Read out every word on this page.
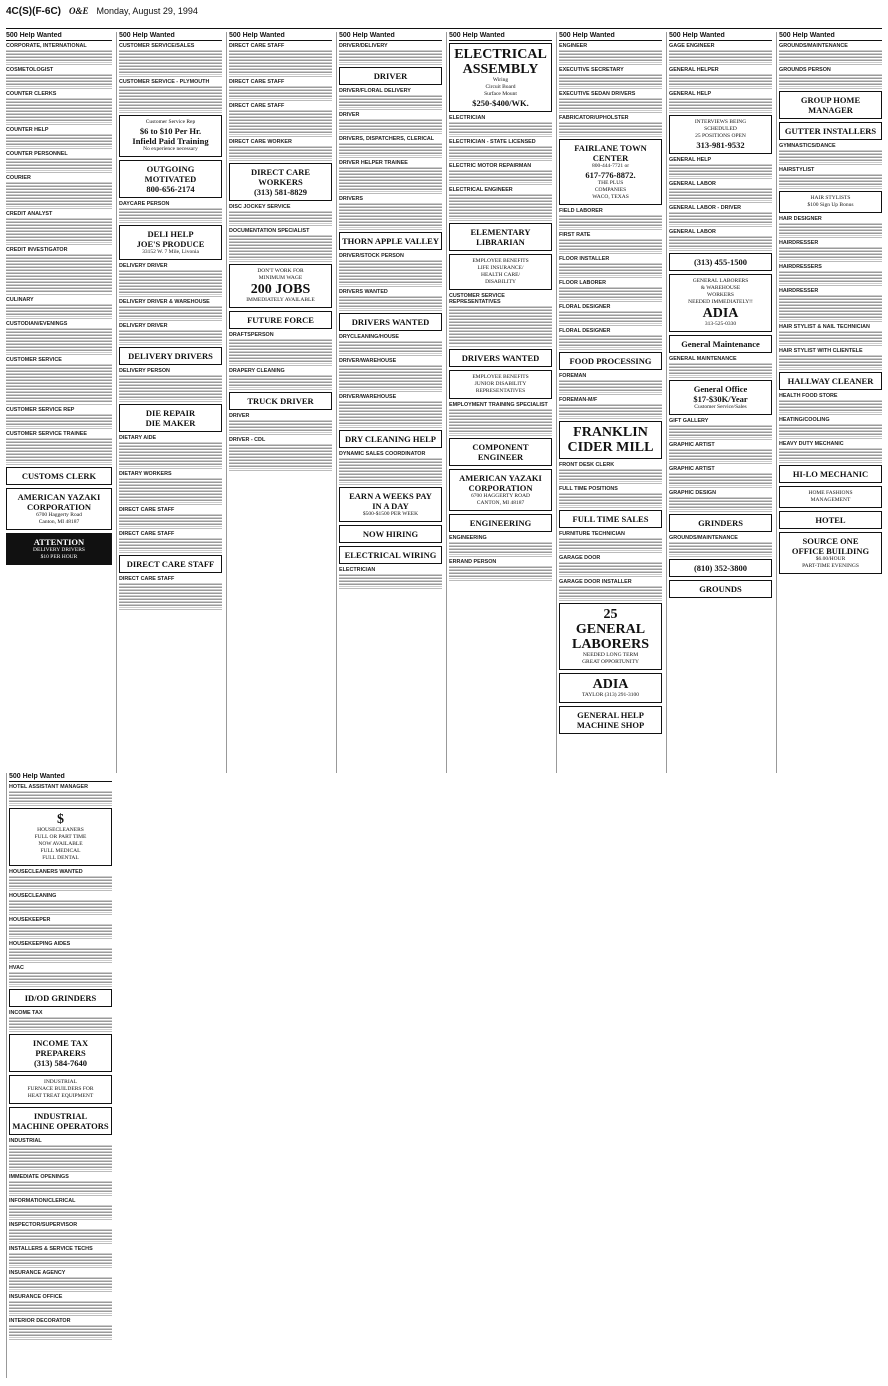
4C(S)(F-6C) O&E Monday, August 29, 1994
500 Help Wanted
CORPORATE, INTERNATIONAL
COSMETOLOGIST
COUNTER CLERKS
COUNTER HELP
COUNTER PERSONNEL
COURIER
CREDIT ANALYST
CREDIT INVESTIGATOR
CULINARY
CUSTODIAN/EVENINGS
CUSTOMER SERVICE
CUSTOMER SERVICE REP
CUSTOMER SERVICE TRAINEE
CUSTOMS CLERK
AMERICAN YAZAKI
CORPORATION
6700 Haggerty Road
Canton, MI 48187
ATTENTION
DELIVERY DRIVERS
$10 PER HOUR
500 Help Wanted
CUSTOMER SERVICE/SALES
CUSTOMER SERVICE - PLYMOUTH
Customer Service Rep
$6 to $10 Per Hr.
Infield Paid Training
No experience necessary
OUTGOING
MOTIVATED
800-656-2174
DAYCARE PERSON
DELI HELP
JOE'S PRODUCE
33152 W. 7 Mile, Livonia
DELIVERY DRIVER
DELIVERY DRIVER & WAREHOUSE
DELIVERY DRIVER
DELIVERY DRIVERS
DELIVERY PERSON
DIE REPAIR
DIE MAKER
DIETARY AIDE
DIETARY WORKERS
DIRECT CARE STAFF
DIRECT CARE STAFF
DIRECT CARE STAFF
DIRECT CARE STAFF
500 Help Wanted
DIRECT CARE STAFF
DIRECT CARE STAFF
DIRECT CARE STAFF
DIRECT CARE WORKER
DIRECT CARE
WORKERS
(313) 581-8829
DISC JOCKEY SERVICE
DOCUMENTATION SPECIALIST
DON'T WORK FOR
MINIMUM WAGE
200 JOBS
IMMEDIATELY AVAILABLE
FUTURE FORCE
DRAFTSPERSON
DRAPERY CLEANING
TRUCK DRIVER
DRIVER
DRIVER - CDL
500 Help Wanted
DRIVER/DELIVERY
DRIVER
DRIVER/FLORAL DELIVERY
DRIVER
DRIVERS, DISPATCHERS, CLERICAL
DRIVER HELPER TRAINEE
DRIVERS
THORN APPLE VALLEY
DRIVER/STOCK PERSON
DRIVERS WANTED
DRIVERS WANTED
DRYCLEANING/HOUSE
DRIVER/WAREHOUSE
DRIVER/WAREHOUSE
DRY CLEANING HELP
DYNAMIC SALES COORDINATOR
EARN A WEEKS PAY
IN A DAY
$500-$1500 PER WEEK
NOW HIRING
ELECTRICAL WIRING
ELECTRICIAN
500 Help Wanted
ELECTRICAL
ASSEMBLY
Wiring
Circuit Board
Surface Mount
$250-$400/WK.
ELECTRICIAN
ELECTRICIAN - STATE LICENSED
ELECTRIC MOTOR REPAIRMAN
ELECTRICAL ENGINEER
ELEMENTARY
LIBRARIAN
EMPLOYEE BENEFITS
LIFE INSURANCE/
HEALTH CARE/
DISABILITY
CUSTOMER SERVICE REPRESENTATIVES
DRIVERS WANTED
EMPLOYEE BENEFITS
JUNIOR DISABILITY
REPRESENTATIVES
EMPLOYMENT TRAINING SPECIALIST
COMPONENT
ENGINEER
AMERICAN YAZAKI
CORPORATION
6700 HAGGERTY ROAD
CANTON, MI 48187
ENGINEERING
ENGINEERING
ERRAND PERSON
500 Help Wanted
ENGINEER
EXECUTIVE SECRETARY
EXECUTIVE SEDAN DRIVERS
FABRICATOR/UPHOLSTER
FAIRLANE TOWN
CENTER
800-444-7721 or
617-776-8872.
THE PLUS
COMPANIES
WACO, TEXAS
FIELD LABORER
FIRST RATE
FLOOR INSTALLER
FLOOR LABORER
FLORAL DESIGNER
FLORAL DESIGNER
FOOD PROCESSING
FOREMAN
FOREMAN-M/F
FRANKLIN
CIDER MILL
FRONT DESK CLERK
FULL TIME POSITIONS
FULL TIME SALES
FURNITURE TECHNICIAN
GARAGE DOOR
GARAGE DOOR INSTALLER
25
GENERAL
LABORERS
NEEDED LONG TERM
GREAT OPPORTUNITY
ADIA
TAYLOR (313) 291-3100
GENERAL HELP
MACHINE SHOP
500 Help Wanted
GAGE ENGINEER
GENERAL HELPER
GENERAL HELP
INTERVIEWS BEING
SCHEDULED
25 POSITIONS OPEN
313-981-9532
GENERAL HELP
GENERAL LABOR
GENERAL LABOR - DRIVER
GENERAL LABOR
(313) 455-1500
GENERAL LABORERS
& WAREHOUSE
WORKERS
NEEDED IMMEDIATELY!!
ADIA
313-525-0330
General Maintenance
GENERAL MAINTENANCE
General Office
$17-$30K/Year
Customer Service/Sales
GIFT GALLERY
GRAPHIC ARTIST
GRAPHIC ARTIST
GRAPHIC DESIGN
GRINDERS
GROUNDS/MAINTENANCE
(810) 352-3800
GROUNDS
500 Help Wanted
GROUNDS/MAINTENANCE
GROUNDS PERSON
GROUP HOME
MANAGER
GUTTER INSTALLERS
GYMNASTICS/DANCE
HAIRSTYLIST
HAIR STYLISTS
$100 Sign Up Bonus
HAIR DESIGNER
HAIRDRESSER
HAIRDRESSERS
HAIRDRESSER
HAIR STYLIST & NAIL TECHNICIAN
HAIR STYLIST WITH CLIENTELE
HALLWAY CLEANER
HEALTH FOOD STORE
HEATING/COOLING
HEAVY DUTY MECHANIC
HI-LO MECHANIC
HOME FASHIONS
MANAGEMENT
HOTEL
SOURCE ONE
OFFICE BUILDING
$6.00/HOUR
PART-TIME EVENINGS
500 Help Wanted
HOTEL ASSISTANT MANAGER
$
HOUSECLEANERS
FULL OR PART TIME
NOW AVAILABLE
FULL MEDICAL
FULL DENTAL
HOUSECLEANERS WANTED
HOUSECLEANING
HOUSEKEEPER
HOUSEKEEPING AIDES
HVAC
ID/OD GRINDERS
INCOME TAX
INCOME TAX
PREPARERS
(313) 584-7640
INDUSTRIAL
FURNACE BUILDERS FOR
HEAT TREAT EQUIPMENT
INDUSTRIAL
MACHINE OPERATORS
INDUSTRIAL
IMMEDIATE OPENINGS
INFORMATION/CLERICAL
INSPECTOR/SUPERVISOR
INSTALLERS & SERVICE TECHS
INSURANCE AGENCY
INSURANCE OFFICE
INTERIOR DECORATOR
